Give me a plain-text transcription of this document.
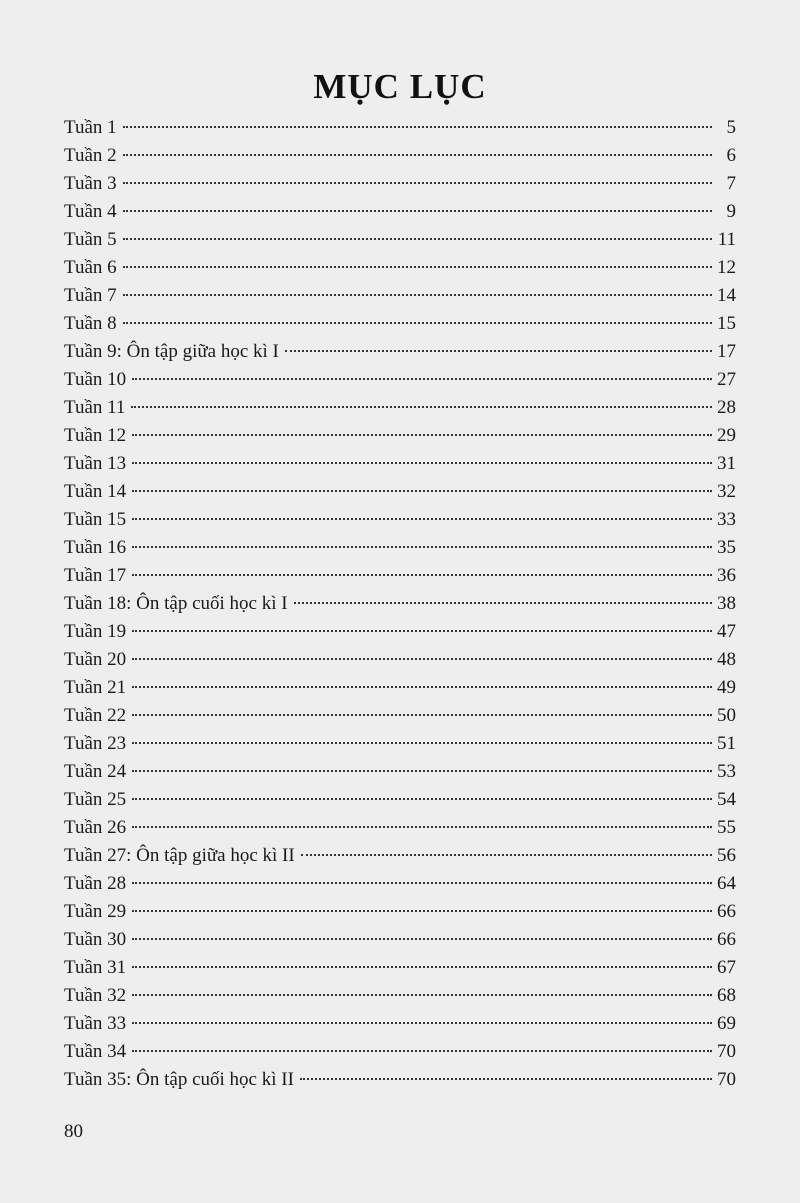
MỤC LỤC
Tuần 1	5
Tuần 2	6
Tuần 3	7
Tuần 4	9
Tuần 5	11
Tuần 6	12
Tuần 7	14
Tuần 8	15
Tuần 9: Ôn tập giữa học kì I	17
Tuần 10	27
Tuần 11	28
Tuần 12	29
Tuần 13	31
Tuần 14	32
Tuần 15	33
Tuần 16	35
Tuần 17	36
Tuần 18: Ôn tập cuối học kì I	38
Tuần 19	47
Tuần 20	48
Tuần 21	49
Tuần 22	50
Tuần 23	51
Tuần 24	53
Tuần 25	54
Tuần 26	55
Tuần 27: Ôn tập giữa học kì II	56
Tuần 28	64
Tuần 29	66
Tuần 30	66
Tuần 31	67
Tuần 32	68
Tuần 33	69
Tuần 34	70
Tuần 35: Ôn tập cuối học kì II	70
80
